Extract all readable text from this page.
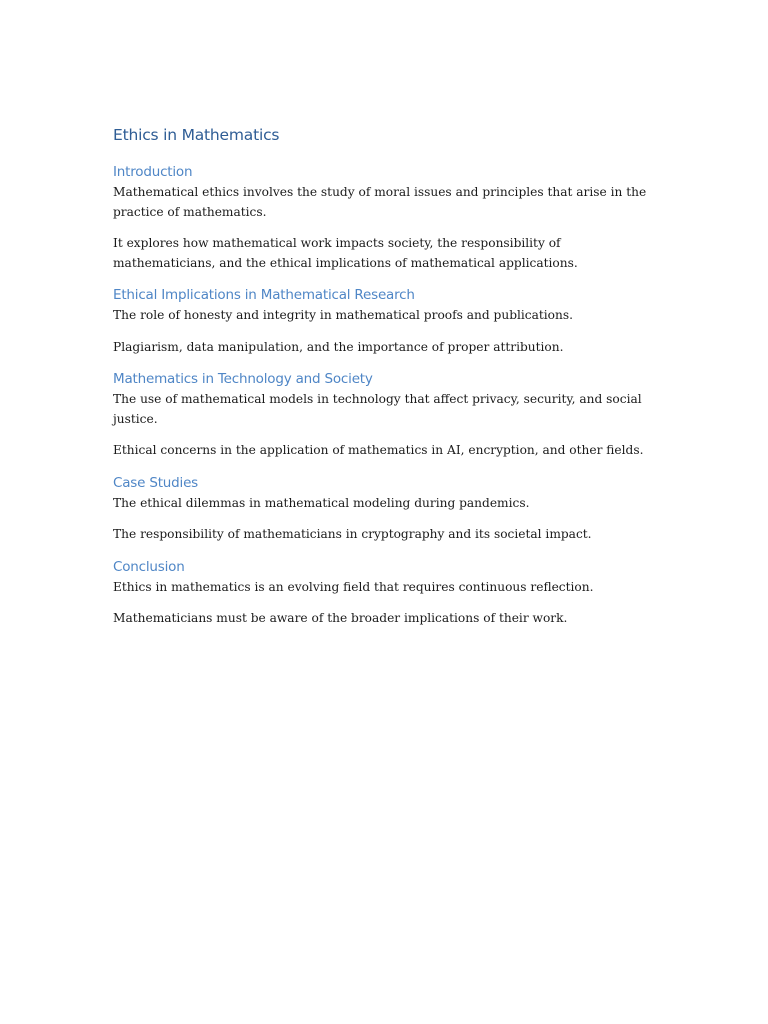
Ethics in Mathematics
Introduction

Mathematical ethics involves the study of moral issues and principles that arise in the practice of mathematics.

It explores how mathematical work impacts society, the responsibility of mathematicians, and the ethical implications of mathematical applications.

Ethical Implications in Mathematical Research

The role of honesty and integrity in mathematical proofs and publications.

Plagiarism, data manipulation, and the importance of proper attribution.

Mathematics in Technology and Society

The use of mathematical models in technology that affect privacy, security, and social justice.

Ethical concerns in the application of mathematics in AI, encryption, and other fields.

Case Studies

The ethical dilemmas in mathematical modeling during pandemics.

The responsibility of mathematicians in cryptography and its societal impact.

Conclusion

Ethics in mathematics is an evolving field that requires continuous reflection.

Mathematicians must be aware of the broader implications of their work.
